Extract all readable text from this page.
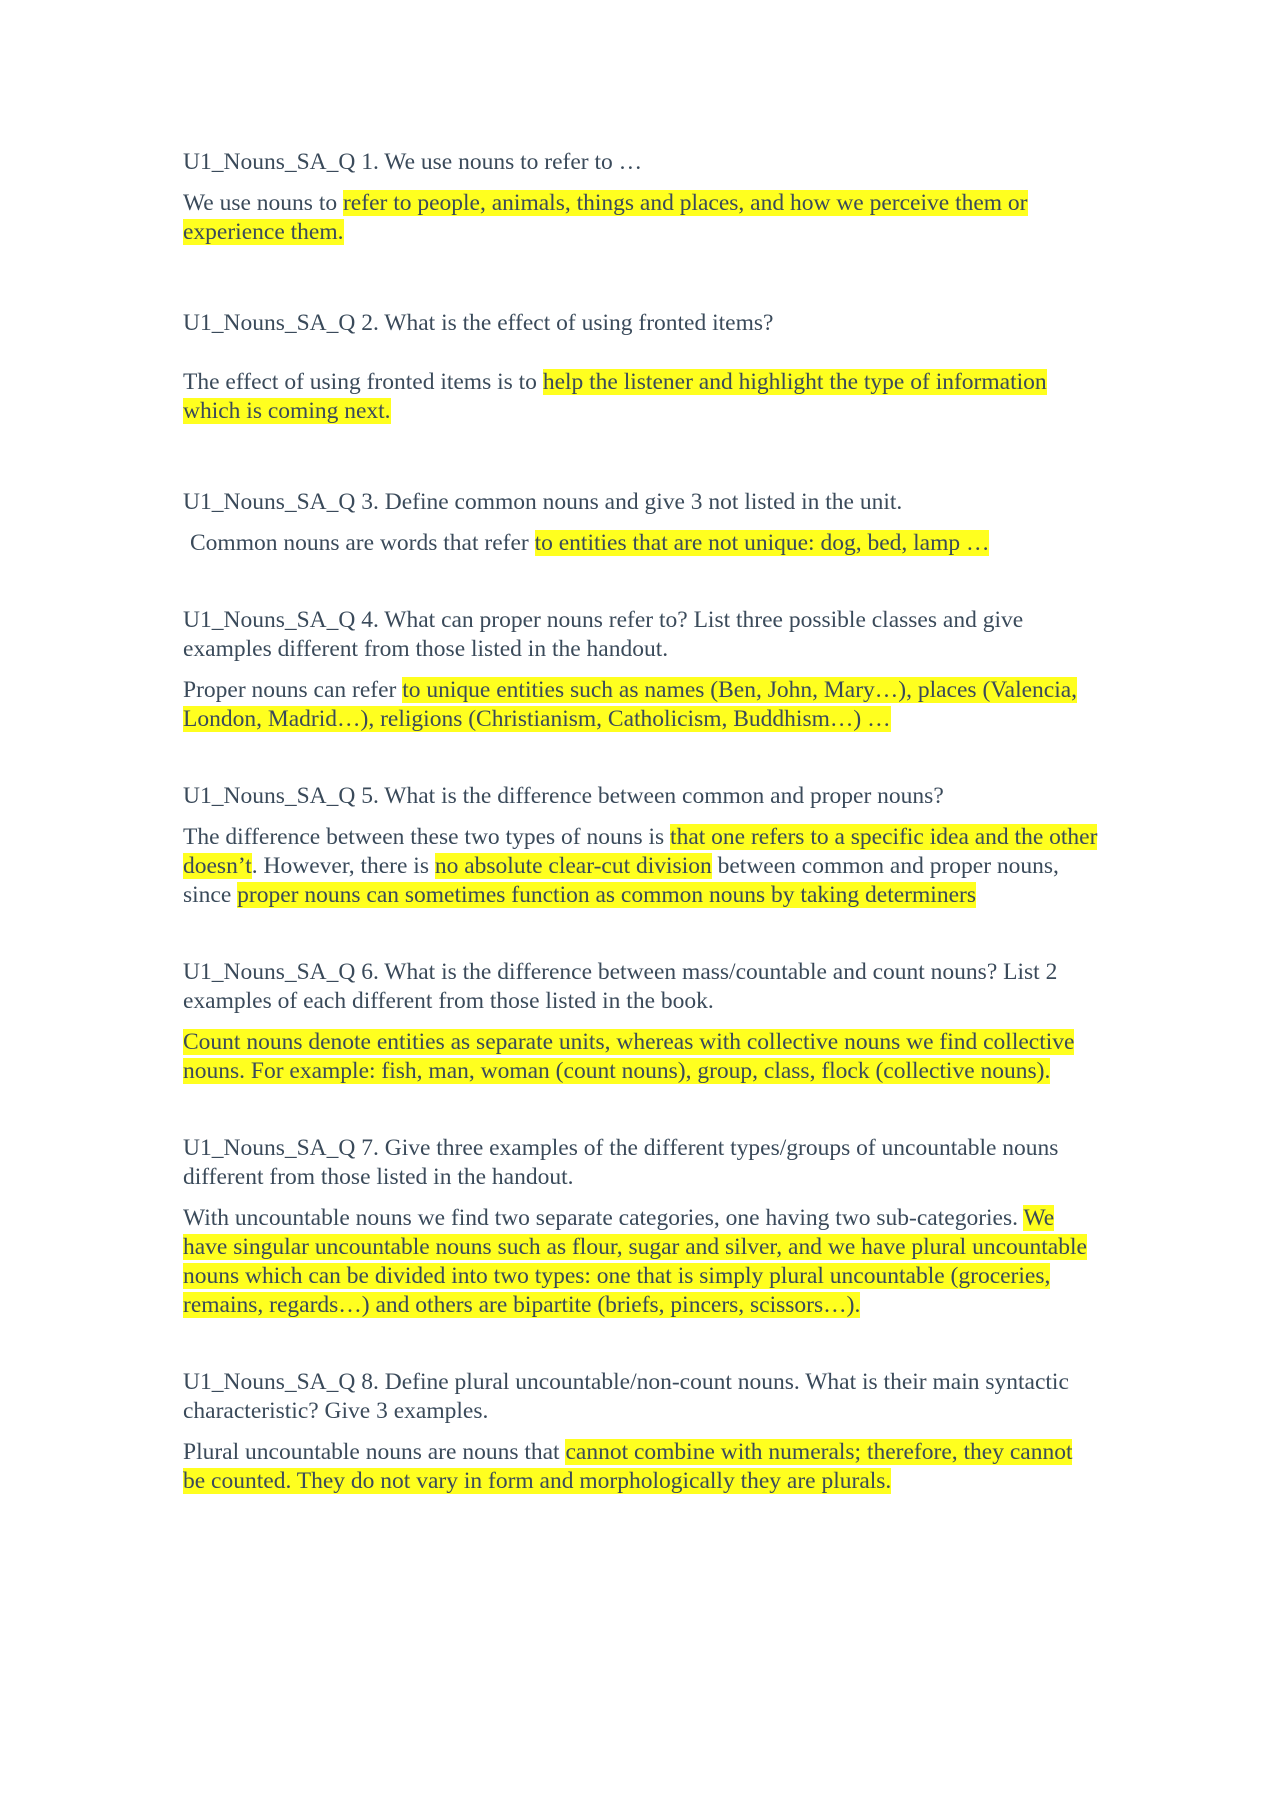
U1_Nouns_SA_Q 1. We use nouns to refer to …

We use nouns to refer to people, animals, things and places, and how we perceive them or experience them.

U1_Nouns_SA_Q 2. What is the effect of using fronted items?

The effect of using fronted items is to help the listener and highlight the type of information which is coming next.

U1_Nouns_SA_Q 3. Define common nouns and give 3 not listed in the unit.

Common nouns are words that refer to entities that are not unique: dog, bed, lamp …

U1_Nouns_SA_Q 4. What can proper nouns refer to? List three possible classes and give examples different from those listed in the handout.

Proper nouns can refer to unique entities such as names (Ben, John, Mary…), places (Valencia, London, Madrid…), religions (Christianism, Catholicism, Buddhism…) …

U1_Nouns_SA_Q 5. What is the difference between common and proper nouns?

The difference between these two types of nouns is that one refers to a specific idea and the other doesn’t. However, there is no absolute clear-cut division between common and proper nouns, since proper nouns can sometimes function as common nouns by taking determiners

U1_Nouns_SA_Q 6. What is the difference between mass/countable and count nouns? List 2 examples of each different from those listed in the book.

Count nouns denote entities as separate units, whereas with collective nouns we find collective nouns. For example: fish, man, woman (count nouns), group, class, flock (collective nouns).

U1_Nouns_SA_Q 7. Give three examples of the different types/groups of uncountable nouns different from those listed in the handout.

With uncountable nouns we find two separate categories, one having two sub-categories. We have singular uncountable nouns such as flour, sugar and silver, and we have plural uncountable nouns which can be divided into two types: one that is simply plural uncountable (groceries, remains, regards…) and others are bipartite (briefs, pincers, scissors…).

U1_Nouns_SA_Q 8. Define plural uncountable/non-count nouns. What is their main syntactic characteristic? Give 3 examples.

Plural uncountable nouns are nouns that cannot combine with numerals; therefore, they cannot be counted. They do not vary in form and morphologically they are plurals.
